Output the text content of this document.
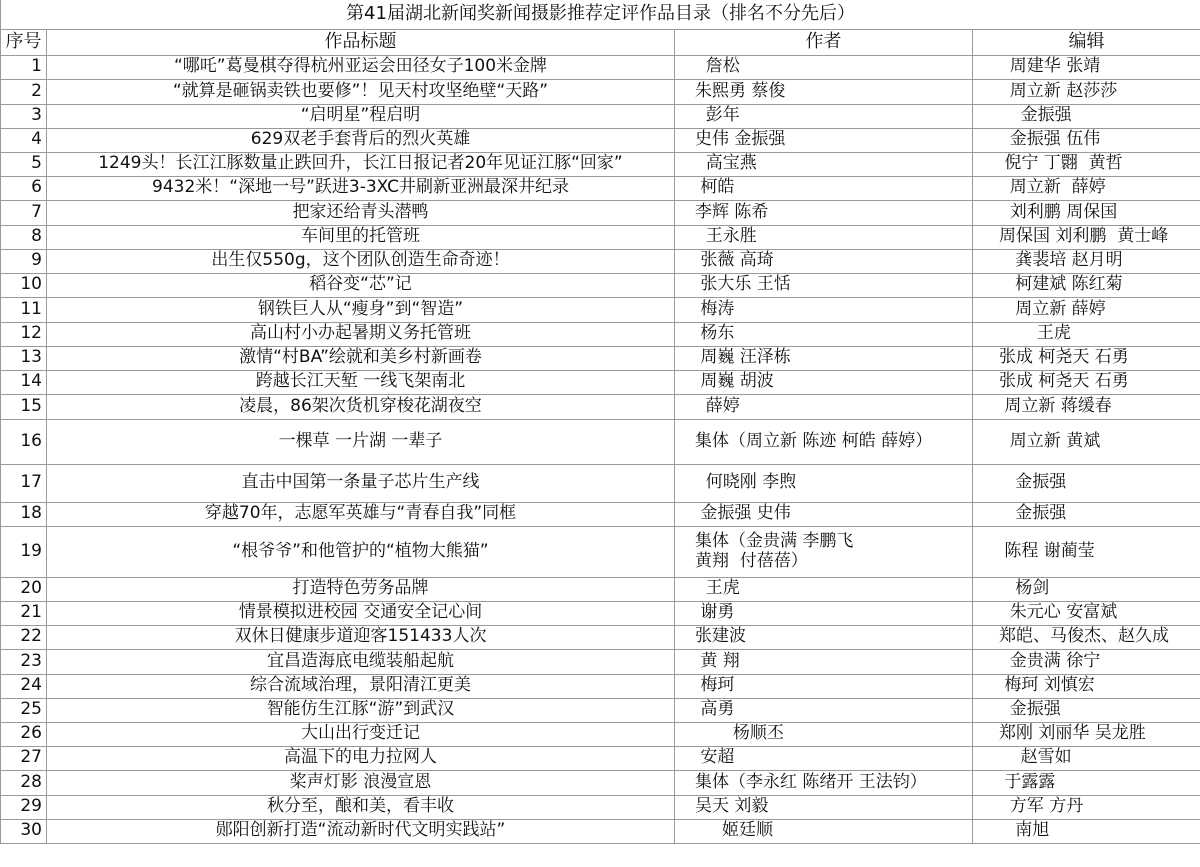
第41届湖北新闻奖新闻摄影推荐定评作品目录（排名不分先后）			
序号	作品标题	作者	编辑
1	“哪吒”葛曼棋夺得杭州亚运会田径女子100米金牌	詹松	周建华 张靖
2	“就算是砸锅卖铁也要修”！见天村攻坚绝壁“天路”	朱熙勇 蔡俊	周立新 赵莎莎
3	“启明星”程启明	彭年	金振强
4	629双老手套背后的烈火英雄	史伟 金振强	金振强 伍伟
5	1249头！长江江豚数量止跌回升，长江日报记者20年见证江豚“回家”	高宝燕	倪宁 丁翾  黄哲
6	9432米！“深地一号”跃进3-3XC井刷新亚洲最深井纪录	柯皓	周立新  薛婷
7	把家还给青头潜鸭	李辉 陈希	刘利鹏 周保国
8	车间里的托管班	王永胜	周保国 刘利鹏  黄士峰
9	出生仅550g，这个团队创造生命奇迹！	张薇 高琦	龚裴培 赵月明
10	稻谷变“芯”记	张大乐 王恬	柯建斌 陈红菊
11	钢铁巨人从“瘦身”到“智造”	梅涛	周立新 薛婷
12	高山村小办起暑期义务托管班	杨东	王虎
13	激情“村BA”绘就和美乡村新画卷	周巍 汪泽栋	张成 柯尧天 石勇
14	跨越长江天堑 一线飞架南北	周巍 胡波	张成 柯尧天 石勇
15	凌晨，86架次货机穿梭花湖夜空	薛婷	周立新 蒋缓春
16	一棵草 一片湖 一辈子	集体（周立新 陈迹 柯皓 薛婷）	周立新 黄斌
17	直击中国第一条量子芯片生产线	何晓刚 李煦	金振强
18	穿越70年，志愿军英雄与“青春自我”同框	金振强 史伟	金振强
19	“根爷爷”和他管护的“植物大熊猫”	集体（金贵满 李鹏飞
黄翔  付蓓蓓）	陈程 谢蔺莹
20	打造特色劳务品牌	王虎	杨剑
21	情景模拟进校园 交通安全记心间	谢勇	朱元心 安富斌
22	双休日健康步道迎客151433人次	张建波	郑皑、马俊杰、赵久成
23	宜昌造海底电缆装船起航	黄 翔	金贵满 徐宁
24	综合流域治理，景阳清江更美	梅珂	梅珂 刘慎宏
25	智能仿生江豚“游”到武汉	高勇	金振强
26	大山出行变迁记	杨顺丕	郑刚 刘丽华 吴龙胜
27	高温下的电力拉网人	安超	赵雪如
28	桨声灯影 浪漫宣恩	集体（李永红 陈绪开 王法钧）	于露露
29	秋分至，酿和美，看丰收	吴天 刘毅	方军 方丹
30	郧阳创新打造“流动新时代文明实践站”	姬廷顺	南旭
